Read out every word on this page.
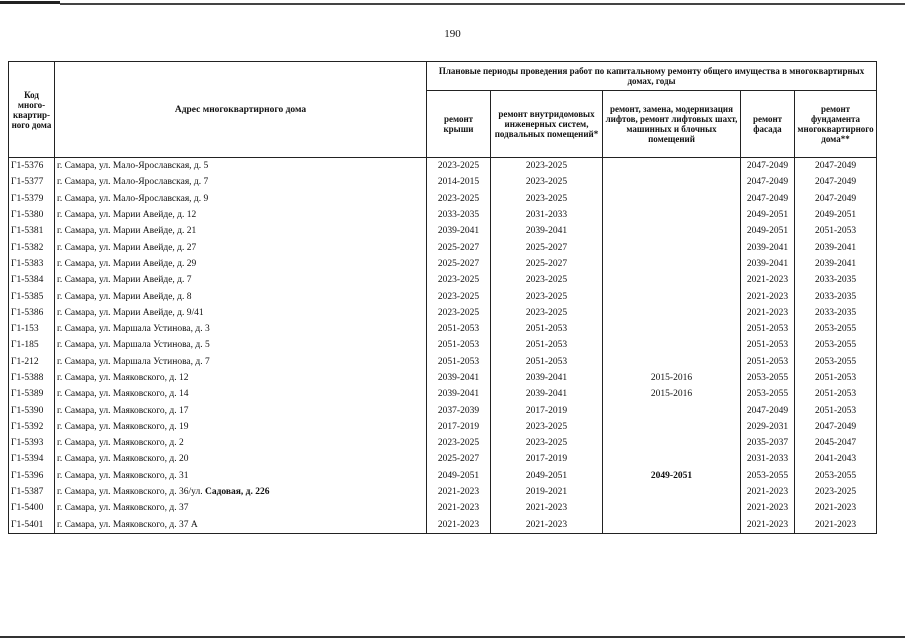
190
Код много-квартир-ного дома	Адрес многоквартирного дома	Плановые периоды проведения работ по капитальному ремонту общего имущества в многоквартирных домах, годы				
		ремонт крыши	ремонт внутридомовых инженерных систем, подвальных помещений*	ремонт, замена, модернизация лифтов, ремонт лифтовых шахт, машинных и блочных помещений	ремонт фасада	ремонт фундамента многоквартирного дома**
Г1-5376	г. Самара, ул. Мало-Ярославская, д. 5	2023-2025	2023-2025		2047-2049	2047-2049
Г1-5377	г. Самара, ул. Мало-Ярославская, д. 7	2014-2015	2023-2025		2047-2049	2047-2049
Г1-5379	г. Самара, ул. Мало-Ярославская, д. 9	2023-2025	2023-2025		2047-2049	2047-2049
Г1-5380	г. Самара, ул. Марии Авейде, д. 12	2033-2035	2031-2033		2049-2051	2049-2051
Г1-5381	г. Самара, ул. Марии Авейде, д. 21	2039-2041	2039-2041		2049-2051	2051-2053
Г1-5382	г. Самара, ул. Марии Авейде, д. 27	2025-2027	2025-2027		2039-2041	2039-2041
Г1-5383	г. Самара, ул. Марии Авейде, д. 29	2025-2027	2025-2027		2039-2041	2039-2041
Г1-5384	г. Самара, ул. Марии Авейде, д. 7	2023-2025	2023-2025		2021-2023	2033-2035
Г1-5385	г. Самара, ул. Марии Авейде, д. 8	2023-2025	2023-2025		2021-2023	2033-2035
Г1-5386	г. Самара, ул. Марии Авейде, д. 9/41	2023-2025	2023-2025		2021-2023	2033-2035
Г1-153	г. Самара, ул. Маршала Устинова, д. 3	2051-2053	2051-2053		2051-2053	2053-2055
Г1-185	г. Самара, ул. Маршала Устинова, д. 5	2051-2053	2051-2053		2051-2053	2053-2055
Г1-212	г. Самара, ул. Маршала Устинова, д. 7	2051-2053	2051-2053		2051-2053	2053-2055
Г1-5388	г. Самара, ул. Маяковского, д. 12	2039-2041	2039-2041	2015-2016	2053-2055	2051-2053
Г1-5389	г. Самара, ул. Маяковского, д. 14	2039-2041	2039-2041	2015-2016	2053-2055	2051-2053
Г1-5390	г. Самара, ул. Маяковского, д. 17	2037-2039	2017-2019		2047-2049	2051-2053
Г1-5392	г. Самара, ул. Маяковского, д. 19	2017-2019	2023-2025		2029-2031	2047-2049
Г1-5393	г. Самара, ул. Маяковского, д. 2	2023-2025	2023-2025		2035-2037	2045-2047
Г1-5394	г. Самара, ул. Маяковского, д. 20	2025-2027	2017-2019		2031-2033	2041-2043
Г1-5396	г. Самара, ул. Маяковского, д. 31	2049-2051	2049-2051	2049-2051	2053-2055	2053-2055
Г1-5387	г. Самара, ул. Маяковского, д. 36/ул. Садовая, д. 226	2021-2023	2019-2021		2021-2023	2023-2025
Г1-5400	г. Самара, ул. Маяковского, д. 37	2021-2023	2021-2023		2021-2023	2021-2023
Г1-5401	г. Самара, ул. Маяковского, д. 37 А	2021-2023	2021-2023		2021-2023	2021-2023
